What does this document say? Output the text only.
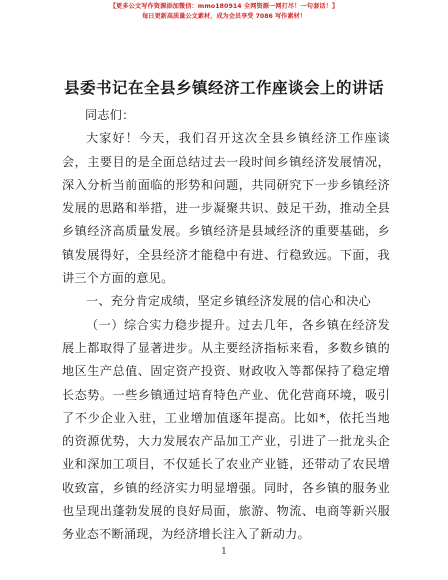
【更多公文写作资源添加微信：mmo180914 全网资源一网打尽！一句套话！】
每日更新高质量公文素材，成为会员享受 7086 写作素材！
县委书记在全县乡镇经济工作座谈会上的讲话

同志们：

大家好！今天，我们召开这次全县乡镇经济工作座谈会，主要目的是全面总结过去一段时间乡镇经济发展情况，深入分析当前面临的形势和问题，共同研究下一步乡镇经济发展的思路和举措，进一步凝聚共识、鼓足干劲，推动全县乡镇经济高质量发展。乡镇经济是县域经济的重要基础，乡镇发展得好，全县经济才能稳中有进、行稳致远。下面，我讲三个方面的意见。

一、充分肯定成绩，坚定乡镇经济发展的信心和决心

（一）综合实力稳步提升。过去几年，各乡镇在经济发展上都取得了显著进步。从主要经济指标来看，多数乡镇的地区生产总值、固定资产投资、财政收入等都保持了稳定增长态势。一些乡镇通过培育特色产业、优化营商环境，吸引了不少企业入驻，工业增加值逐年提高。比如*，依托当地的资源优势，大力发展农产品加工产业，引进了一批龙头企业和深加工项目，不仅延长了农业产业链，还带动了农民增收致富，乡镇的经济实力明显增强。同时，各乡镇的服务业也呈现出蓬勃发展的良好局面，旅游、物流、电商等新兴服务业态不断涌现，为经济增长注入了新动力。

1
